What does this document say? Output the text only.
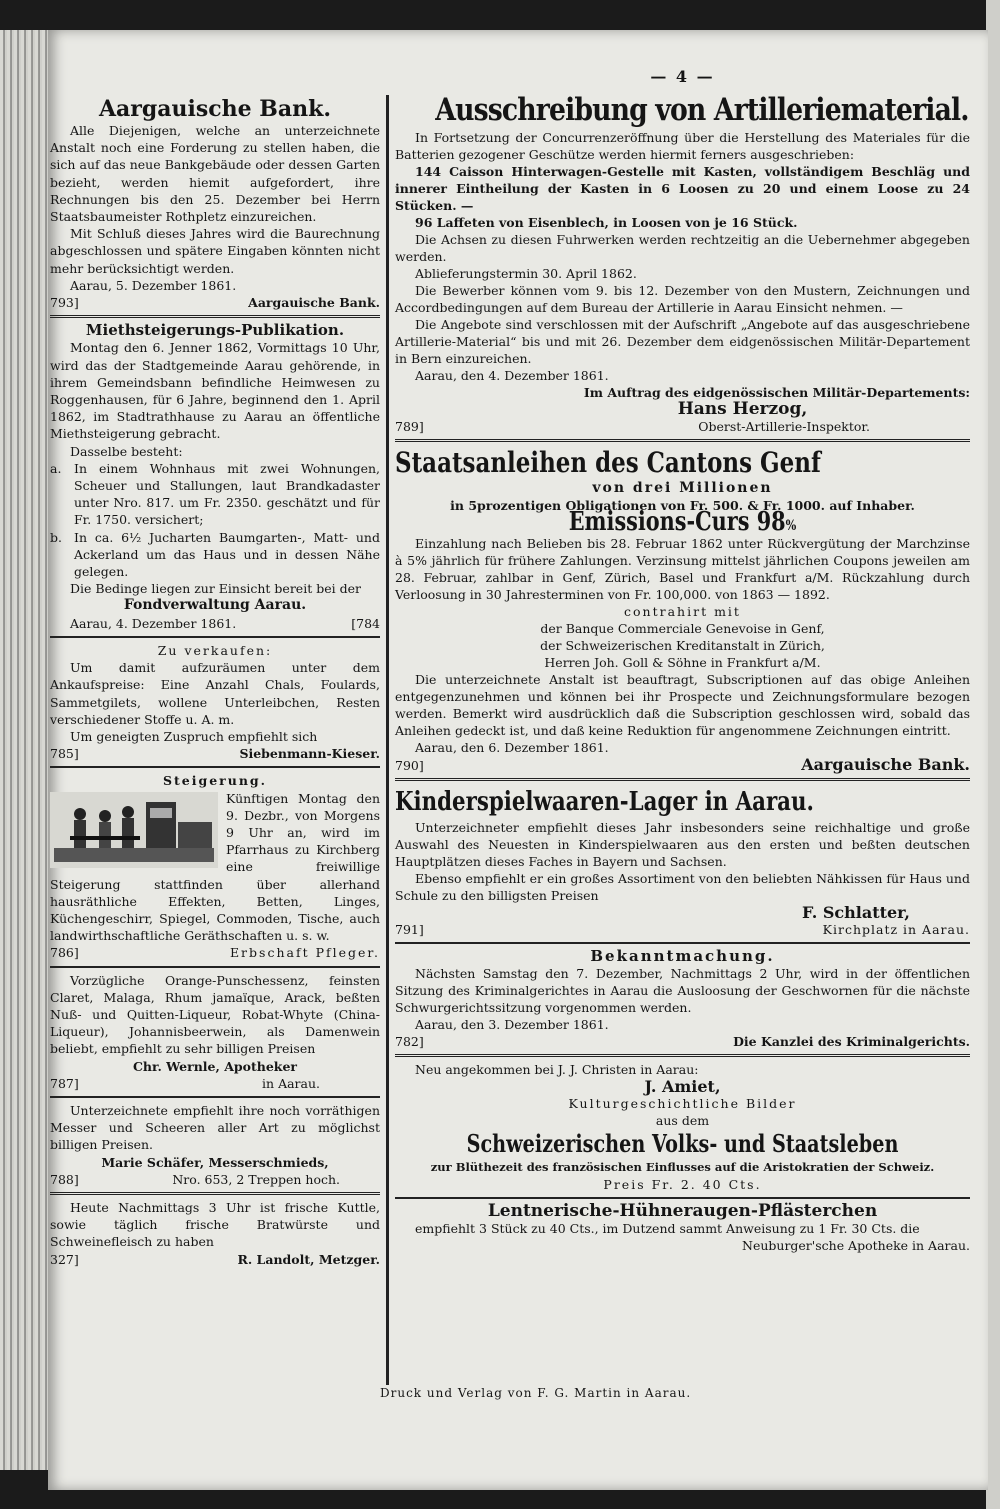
Aargauische Bank.
Alle Diejenigen, welche an unterzeichnete Anstalt noch eine Forderung zu stellen haben, die sich auf das neue Bankgebäude oder dessen Garten bezieht, werden hiemit aufgefordert, ihre Rechnungen bis den 25. Dezember bei Herrn Staatsbaumeister Rothpletz einzureichen.
Mit Schluß dieses Jahres wird die Baurechnung abgeschlossen und spätere Eingaben könnten nicht mehr berücksichtigt werden.
Aarau, 5. Dezember 1861.
793]	Aargauische Bank.
Miethsteigerungs-Publikation.
Montag den 6. Jenner 1862, Vormittags 10 Uhr, wird das der Stadtgemeinde Aarau gehörende, in ihrem Gemeindsbann befindliche Heimwesen zu Roggenhausen, für 6 Jahre, beginnend den 1. April 1862, im Stadtrathhause zu Aarau an öffentliche Miethsteigerung gebracht.
Dasselbe besteht:
a.	In einem Wohnhaus mit zwei Wohnungen, Scheuer und Stallungen, laut Brandkadaster unter Nro. 817. um Fr. 2350. geschätzt und für Fr. 1750. versichert;
b. In ca. 6½ Jucharten Baumgarten-, Matt- und Ackerland um das Haus und in dessen Nähe gelegen.
Die Bedinge liegen zur Einsicht bereit bei der
Fondverwaltung Aarau.
Aarau, 4. Dezember 1861.	[784
Zu verkaufen:
Um damit aufzuräumen unter dem Ankaufspreise: Eine Anzahl Chals, Foulards, Sammetgilets, wollene Unterleibchen, Resten verschiedener Stoffe u. A. m.
Um geneigten Zuspruch empfiehlt sich
785]	Siebenmann-Kieser.
Steigerung.
Künftigen Montag den 9. Dezbr., von Morgens 9 Uhr an, wird im Pfarrhaus zu Kirchberg eine freiwillige Steigerung stattfinden über allerhand hausräthliche Effekten, Betten, Linges, Küchengeschirr, Spiegel, Commoden, Tische, auch landwirthschaftliche Geräthschaften u. s. w.
786]	Erbschaft Pfleger.
Vorzügliche Orange-Punschessenz, feinsten Claret, Malaga, Rhum jamaïque, Arack, beßten Nuß- und Quitten-Liqueur, Robat-Whyte (China-Liqueur), Johannisbeerwein, als Damenwein beliebt, empfiehlt zu sehr billigen Preisen
Chr. Wernle, Apotheker
787]	in Aarau.
Unterzeichnete empfiehlt ihre noch vorräthigen Messer und Scheeren aller Art zu möglichst billigen Preisen.
Marie Schäfer, Messerschmieds,
788]	Nro. 653, 2 Treppen hoch.
Heute Nachmittags 3 Uhr ist frische Kuttle, sowie täglich frische Bratwürste und Schweinefleisch zu haben
327]	R. Landolt, Metzger.
— 4 —
Ausschreibung von Artilleriematerial.
In Fortsetzung der Concurrenzeröffnung über die Herstellung des Materiales für die Batterien gezogener Geschütze werden hiermit ferners ausgeschrieben:
144 Caisson Hinterwagen-Gestelle mit Kasten, vollständigem Beschläg und innerer Eintheilung der Kasten in 6 Loosen zu 20 und einem Loose zu 24 Stücken. —
96 Laffeten von Eisenblech, in Loosen von je 16 Stück.
Die Achsen zu diesen Fuhrwerken werden rechtzeitig an die Uebernehmer abgegeben werden.
Ablieferungstermin 30. April 1862.
Die Bewerber können vom 9. bis 12. Dezember von den Mustern, Zeichnungen und Accordbedingungen auf dem Bureau der Artillerie in Aarau Einsicht nehmen. —
Die Angebote sind verschlossen mit der Aufschrift „Angebote auf das ausgeschriebene Artillerie-Material“ bis und mit 26. Dezember dem eidgenössischen Militär-Departement in Bern einzureichen.
Aarau, den 4. Dezember 1861.
Im Auftrag des eidgenössischen Militär-Departements:
Hans Herzog,
789]	Oberst-Artillerie-Inspektor.
Staatsanleihen des Cantons Genf
von drei Millionen
in 5prozentigen Obligationen von Fr. 500. & Fr. 1000. auf Inhaber.
Emissions-Curs 98 %
Einzahlung nach Belieben bis 28. Februar 1862 unter Rückvergütung der Marchzinse à 5% jährlich für frühere Zahlungen. Verzinsung mittelst jährlichen Coupons jeweilen am 28. Februar, zahlbar in Genf, Zürich, Basel und Frankfurt a/M. Rückzahlung durch Verloosung in 30 Jahresterminen von Fr. 100,000. von 1863 — 1892.
contrahirt mit
der Banque Commerciale Genevoise in Genf,
der Schweizerischen Kreditanstalt in Zürich,
Herren Joh. Goll & Söhne in Frankfurt a/M.
Die unterzeichnete Anstalt ist beauftragt, Subscriptionen auf das obige Anleihen entgegenzunehmen und können bei ihr Prospecte und Zeichnungsformulare bezogen werden. Bemerkt wird ausdrücklich daß die Subscription geschlossen wird, sobald das Anleihen gedeckt ist, und daß keine Reduktion für angenommene Zeichnungen eintritt.
Aarau, den 6. Dezember 1861.
790]	Aargauische Bank.
Kinderspielwaaren-Lager in Aarau.
Unterzeichneter empfiehlt dieses Jahr insbesonders seine reichhaltige und große Auswahl des Neuesten in Kinderspielwaaren aus den ersten und beßten deutschen Hauptplätzen dieses Faches in Bayern und Sachsen.
Ebenso empfiehlt er ein großes Assortiment von den beliebten Nähkissen für Haus und Schule zu den billigsten Preisen
F. Schlatter,
791]	Kirchplatz in Aarau.
Bekanntmachung.
Nächsten Samstag den 7. Dezember, Nachmittags 2 Uhr, wird in der öffentlichen Sitzung des Kriminalgerichtes in Aarau die Ausloosung der Geschwornen für die nächste Schwurgerichtssitzung vorgenommen werden.
Aarau, den 3. Dezember 1861.
782]	Die Kanzlei des Kriminalgerichts.
Neu angekommen bei J. J. Christen in Aarau:
J. Amiet,
Kulturgeschichtliche Bilder
aus dem
Schweizerischen Volks- und Staatsleben
zur Blüthezeit des französischen Einflusses auf die Aristokratien der Schweiz.
Preis Fr. 2. 40 Cts.
Lentnerische-Hühneraugen-Pflästerchen
empfiehlt 3 Stück zu 40 Cts., im Dutzend sammt Anweisung zu 1 Fr. 30 Cts. die
Neuburger'sche Apotheke in Aarau.
Druck und Verlag von F. G. Martin in Aarau.
